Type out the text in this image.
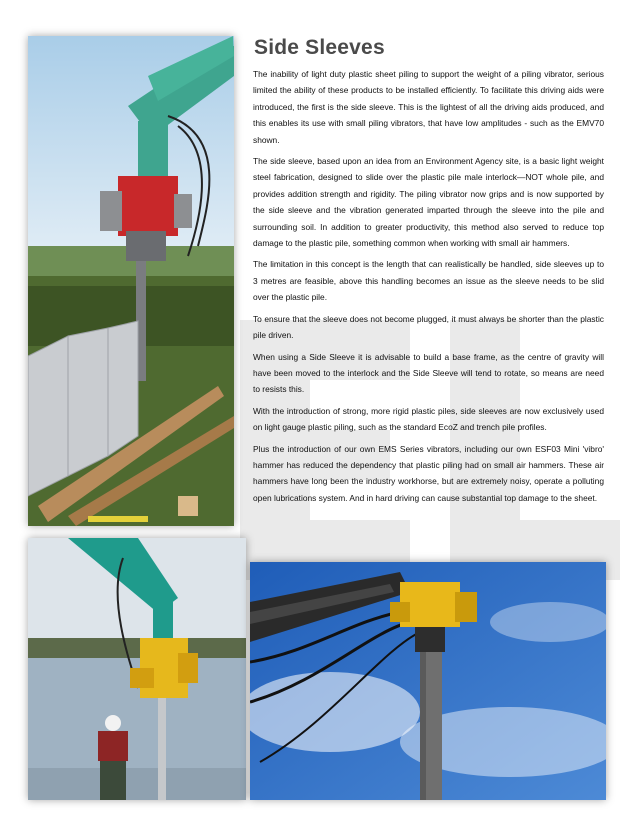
Side Sleeves

The inability of light duty plastic sheet piling to support the weight of a piling vibrator, serious limited the ability of these products to be installed efficiently. To facilitate this driving aids were introduced, the first is the side sleeve. This is the lightest of all the driving aids produced, and this enables its use with small piling vibrators, that have low amplitudes - such as the EMV70 shown.

The side sleeve, based upon an idea from an Environment Agency site, is a basic light weight steel fabrication, designed to slide over the plastic pile male interlock—NOT whole pile, and provides addition strength and rigidity. The piling vibrator now grips and is now supported by the side sleeve and the vibration generated imparted through the sleeve into the pile and surrounding soil. In addition to greater productivity, this method also served to reduce top damage to the plastic pile, something common when working with small air hammers.

The limitation in this concept is the length that can realistically be handled, side sleeves up to 3 metres are feasible, above this handling becomes an issue as the sleeve needs to be slid over the plastic pile.

To ensure that the sleeve does not become plugged, it must always be shorter than the plastic pile driven.

When using a Side Sleeve it is advisable to build a base frame, as the centre of gravity will have been moved to the interlock and the Side Sleeve will tend to rotate, so means are need to resists this.

With the introduction of strong, more rigid plastic piles, side sleeves are now exclusively used on light gauge plastic piling, such as the standard EcoZ and trench pile profiles.

Plus the introduction of our own EMS Series vibrators, including our own ESF03 Mini 'vibro' hammer has reduced the dependency that plastic piling had on small air hammers. These air hammers have long been the industry workhorse, but are extremely noisy, operate a polluting open lubrications system. And in hard driving can cause substantial top damage to the sheet.
